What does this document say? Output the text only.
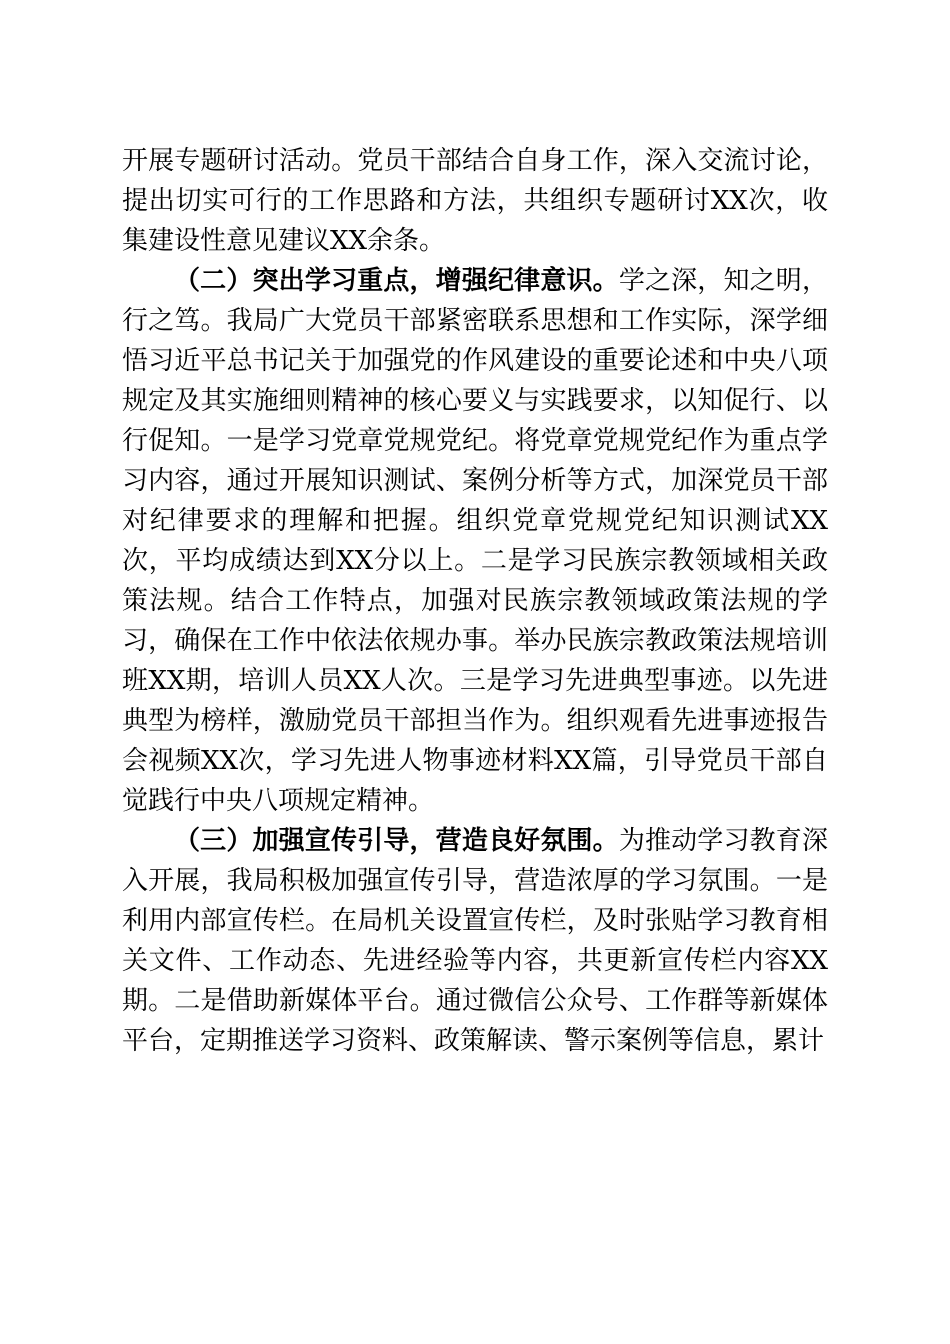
开展专题研讨活动。党员干部结合自身工作，深入交流讨论，提出切实可行的工作思路和方法，共组织专题研讨XX次，收集建设性意见建议XX余条。

（二）突出学习重点，增强纪律意识。学之深，知之明，行之笃。我局广大党员干部紧密联系思想和工作实际，深学细悟习近平总书记关于加强党的作风建设的重要论述和中央八项规定及其实施细则精神的核心要义与实践要求，以知促行、以行促知。一是学习党章党规党纪。将党章党规党纪作为重点学习内容，通过开展知识测试、案例分析等方式，加深党员干部对纪律要求的理解和把握。组织党章党规党纪知识测试XX次，平均成绩达到XX分以上。二是学习民族宗教领域相关政策法规。结合工作特点，加强对民族宗教领域政策法规的学习，确保在工作中依法依规办事。举办民族宗教政策法规培训班XX期，培训人员XX人次。三是学习先进典型事迹。以先进典型为榜样，激励党员干部担当作为。组织观看先进事迹报告会视频XX次，学习先进人物事迹材料XX篇，引导党员干部自觉践行中央八项规定精神。

（三）加强宣传引导，营造良好氛围。为推动学习教育深入开展，我局积极加强宣传引导，营造浓厚的学习氛围。一是利用内部宣传栏。在局机关设置宣传栏，及时张贴学习教育相关文件、工作动态、先进经验等内容，共更新宣传栏内容XX期。二是借助新媒体平台。通过微信公众号、工作群等新媒体平台，定期推送学习资料、政策解读、警示案例等信息，累计
